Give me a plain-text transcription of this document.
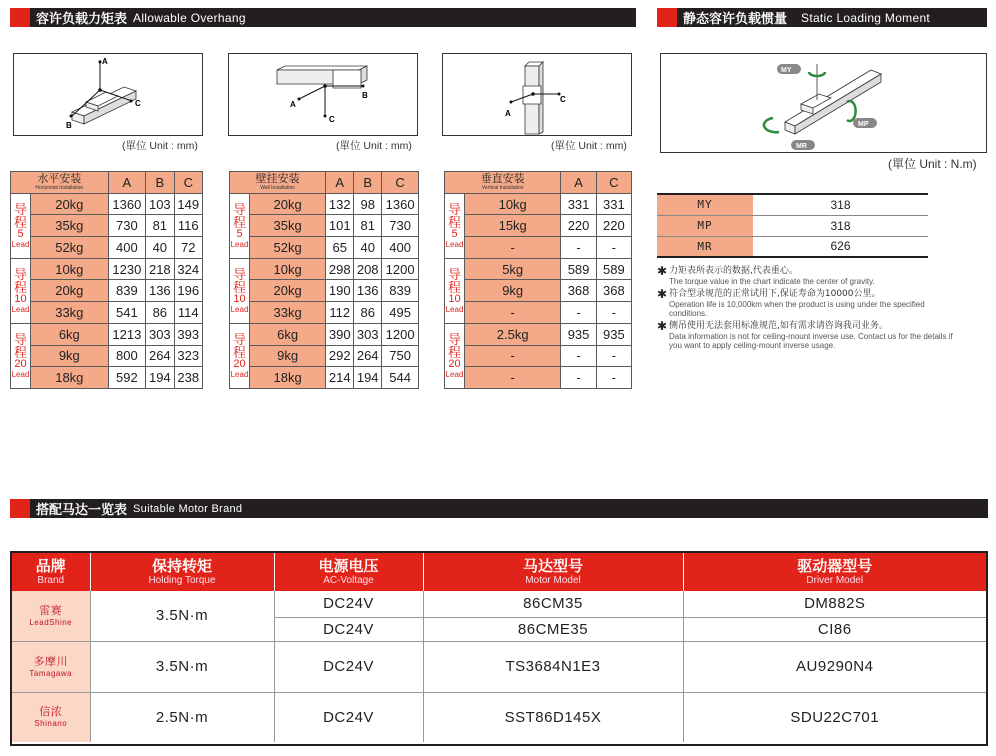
容许负载力矩表 Allowable Overhang	静态容许负载惯量 Static Loading Moment
搭配马达一览表 Suitable Motor Brand
A
C
B
(單位 Unit : mm)
B
C
A
(單位 Unit : mm)
C
A
(單位 Unit : mm)
MY
MP
MR
(單位 Unit : N.m)
水平安装
Horizontal Installation		A	B	C

导程
5
Lead	20kg	1360	103	149
	35kg	730	81	116
	52kg	400	40	72

导程
10
Lead	10kg	1230	218	324
	20kg	839	136	196
	33kg	541	86	114

导程
20
Lead	6kg	1213	303	393
	9kg	800	264	323
	18kg	592	194	238
壁挂安装
Wall Installation		A	B	C

导程
5
Lead	20kg	132	98	1360
	35kg	101	81	730
	52kg	65	40	400

导程
10
Lead	10kg	298	208	1200
	20kg	190	136	839
	33kg	112	86	495

导程
20
Lead	6kg	390	303	1200
	9kg	292	264	750
	18kg	214	194	544
垂直安装
Vertical Installation		A	C

导程
5
Lead	10kg	331	331
	15kg	220	220
	-	-	-

导程
10
Lead	5kg	589	589
	9kg	368	368
	-	-	-

导程
20
Lead	2.5kg	935	935
	-	-	-
	-	-	-
MY	318
MP	318
MR	626
✱ 力矩表所表示的数据,代表重心。
The torque value in the chart indicate the center of gravity.
✱ 符合型录规范的正常试用下,保证寿命为10000公里。
Operation life is 10,000km when the product is using under the specified conditions.
✱ 侧吊使用无法套用标准规范,如有需求请咨询我司业务。
Data information is not for ceiling-mount inverse use. Contact us for the details if you want to apply ceiling-mount inverse usage.
品牌
Brand	保持转矩
Holding Torque	电源电压
AC-Voltage	马达型号
Motor Model	驱动器型号
Driver Model

雷赛
LeadShine	3.5N·m	DC24V	86CM35	DM882S
		DC24V	86CME35	CI86

多摩川
Tamagawa	3.5N·m	DC24V	TS3684N1E3	AU9290N4

信浓
Shinano	2.5N·m	DC24V	SST86D145X	SDU22C701
